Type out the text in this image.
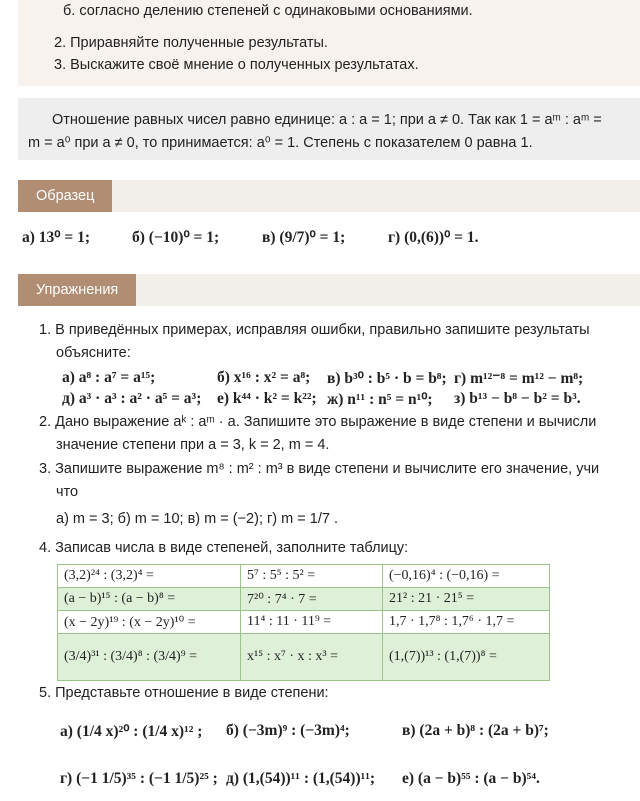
б. согласно делению степеней с одинаковыми основаниями.
2. Приравняйте полученные результаты.
3. Выскажите своё мнение о полученных результатах.
Отношение равных чисел равно единице: a : a = 1; при a ≠ 0. Так как 1 = aᵐ : aᵐ =
m = a⁰ при a ≠ 0, то принимается: a⁰ = 1. Степень с показателем 0 равна 1.
Образец
а) 13⁰ = 1;	б) (−10)⁰ = 1;	в) (9/7)⁰ = 1;	г) (0,(6))⁰ = 1.
Упражнения
1. В приведённых примерах, исправляя ошибки, правильно запишите результаты
объясните:
а) a⁸ : a⁷ = a¹⁵;	б) x¹⁶ : x² = a⁸; в) b³⁰ : b⁵ · b = b⁸; г) m¹²⁻⁸ = m¹² − m⁸;
д) a³ · a³ : a² · a⁵ = a³; е) k⁴⁴ · k² = k²²; ж) n¹¹ : n⁵ = n¹⁰; з) b¹³ − b⁸ − b² = b³.
2. Дано выражение aᵏ : aᵐ · a. Запишите это выражение в виде степени и вычисли
значение степени при a = 3, k = 2, m = 4.
3. Запишите выражение m⁸ : m² : m³ в виде степени и вычислите его значение, учи
что
а) m = 3; б) m = 10; в) m = (−2); г) m = 1/7 .
4. Записав числа в виде степеней, заполните таблицу:
(3,2)²⁴ : (3,2)⁴ =	5⁷ : 5⁵ : 5² =	(−0,16)⁴ : (−0,16) =
(a − b)¹⁵ : (a − b)⁸ =	7²⁰ : 7⁴ · 7 =	21² : 21 · 21⁵ =
(x − 2y)¹⁹ : (x − 2y)¹⁰ =	11⁴ : 11 · 11⁹ =	1,7 · 1,7⁸ : 1,7⁶ · 1,7 =
(3/4)³¹ : (3/4)⁸ : (3/4)⁹ =	x¹⁵ : x⁷ · x : x³ =	(1,(7))¹³ : (1,(7))⁸ =
5. Представьте отношение в виде степени:
а) (1/4 x)²⁰ : (1/4 x)¹² ; б) (−3m)⁹ : (−3m)⁴;	в) (2a + b)⁸ : (2a + b)⁷;
г) (−1 1/5)³⁵ : (−1 1/5)²⁵ ; д) (1,(54))¹¹ : (1,(54))¹¹; е) (a − b)⁵⁵ : (a − b)⁵⁴.
